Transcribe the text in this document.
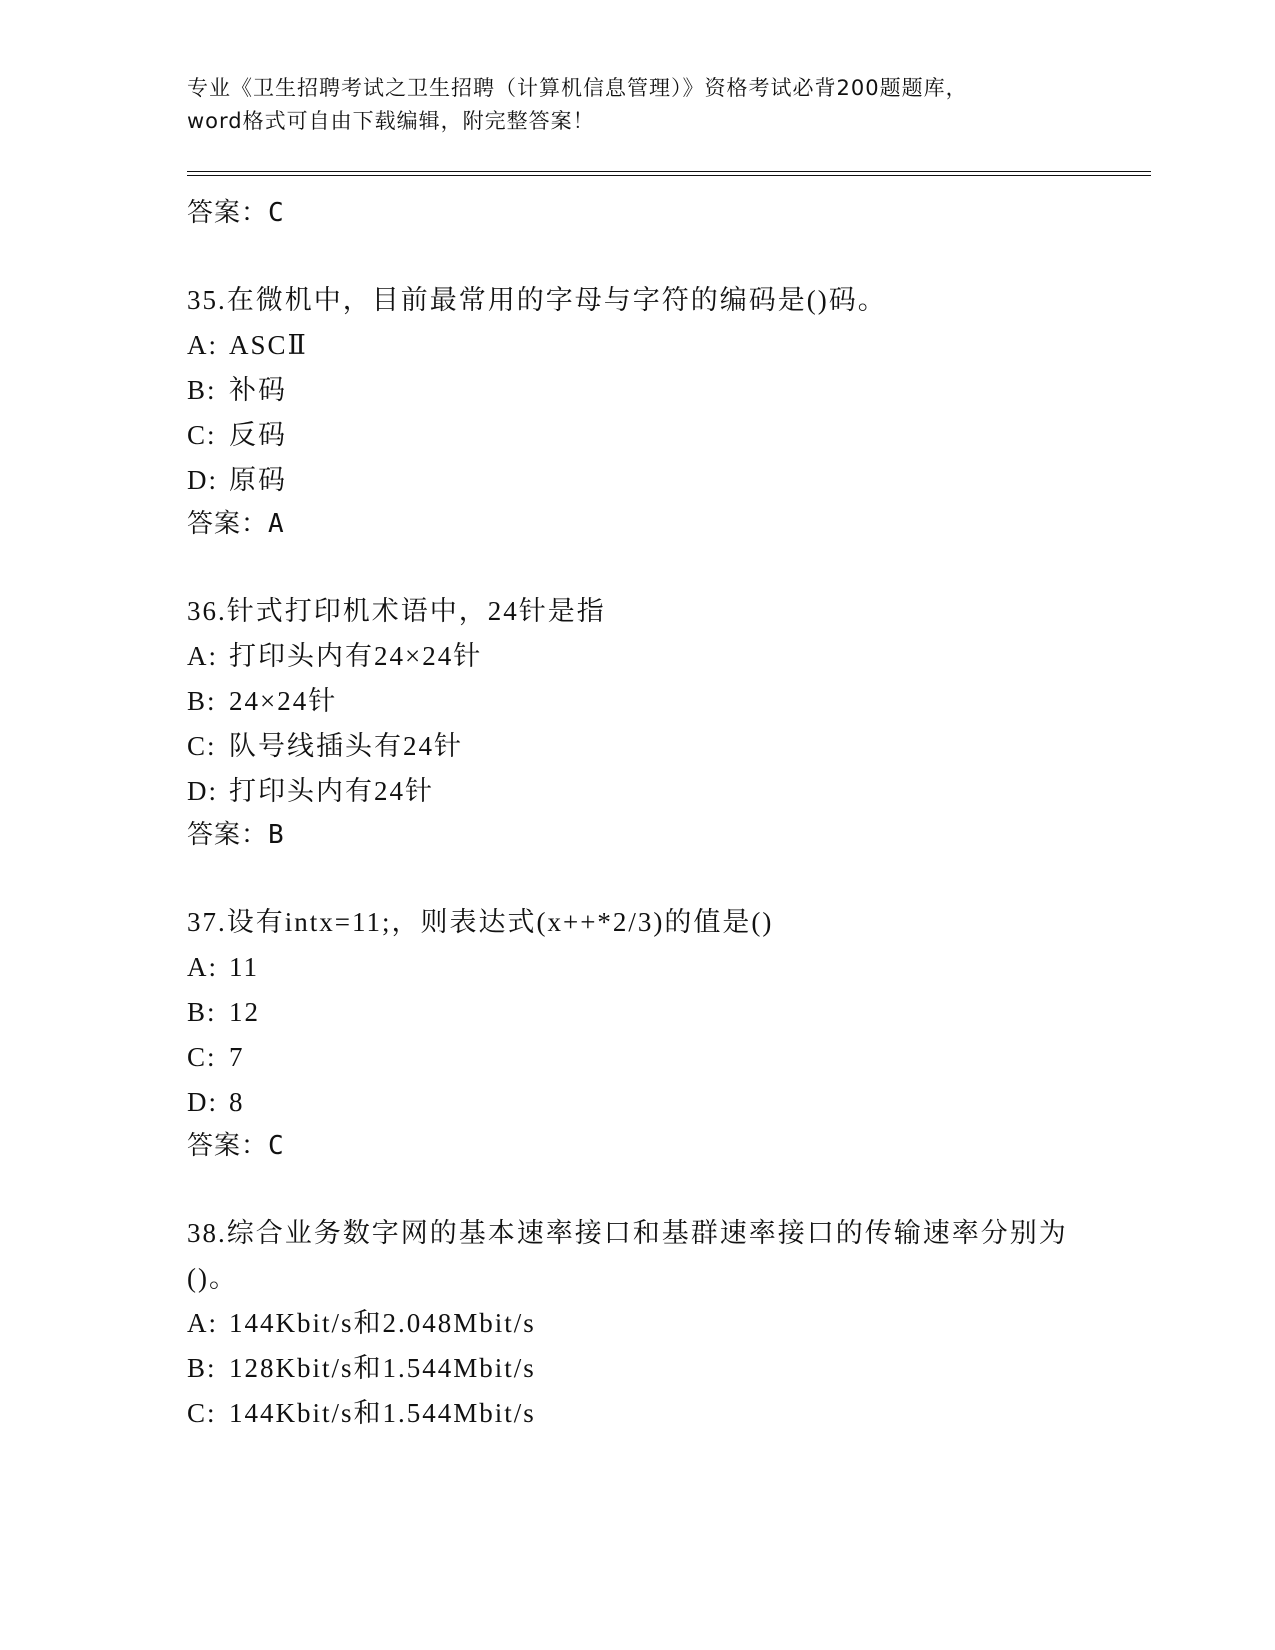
专业《卫生招聘考试之卫生招聘（计算机信息管理）》资格考试必背200题题库，
word格式可自由下载编辑，附完整答案！
答案：C
35.在微机中，目前最常用的字母与字符的编码是()码。
A: ASCⅡ
B: 补码
C: 反码
D: 原码
答案：A
36.针式打印机术语中，24针是指
A: 打印头内有24×24针
B: 24×24针
C: 队号线插头有24针
D: 打印头内有24针
答案：B
37.设有intx=11;，则表达式(x++*2/3)的值是()
A: 11
B: 12
C: 7
D: 8
答案：C
38.综合业务数字网的基本速率接口和基群速率接口的传输速率分别为()。
A: 144Kbit/s和2.048Mbit/s
B: 128Kbit/s和1.544Mbit/s
C: 144Kbit/s和1.544Mbit/s
